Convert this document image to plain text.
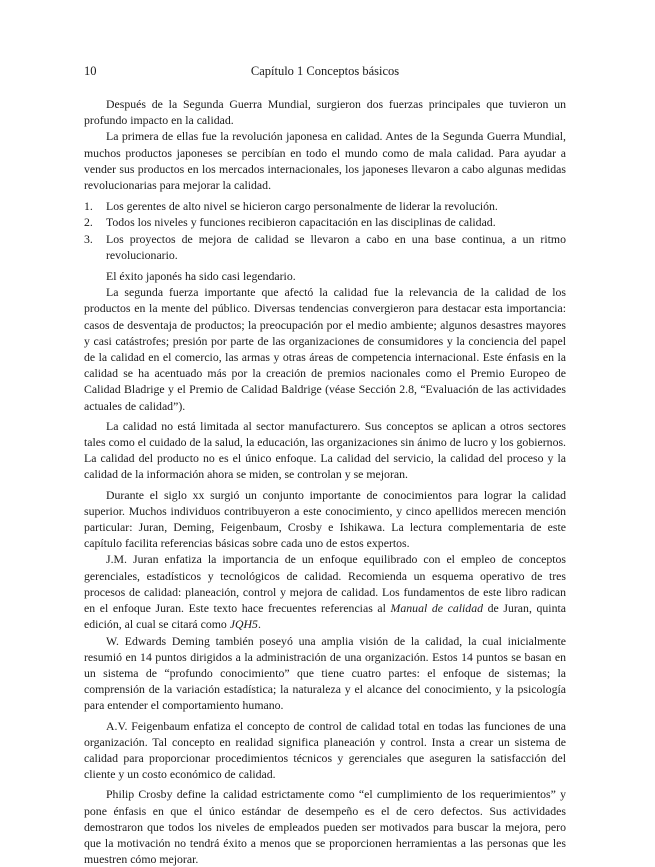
10	Capítulo 1 Conceptos básicos

Después de la Segunda Guerra Mundial, surgieron dos fuerzas principales que tuvieron un profundo impacto en la calidad.

La primera de ellas fue la revolución japonesa en calidad. Antes de la Segunda Guerra Mundial, muchos productos japoneses se percibían en todo el mundo como de mala calidad. Para ayudar a vender sus productos en los mercados internacionales, los japoneses llevaron a cabo algunas medidas revolucionarias para mejorar la calidad.

1.	Los gerentes de alto nivel se hicieron cargo personalmente de liderar la revolución.
2.	Todos los niveles y funciones recibieron capacitación en las disciplinas de calidad.
3.	Los proyectos de mejora de calidad se llevaron a cabo en una base continua, a un ritmo revolucionario.

El éxito japonés ha sido casi legendario.

La segunda fuerza importante que afectó la calidad fue la relevancia de la calidad de los productos en la mente del público. Diversas tendencias convergieron para destacar esta importancia: casos de desventaja de productos; la preocupación por el medio ambiente; algunos desastres mayores y casi catástrofes; presión por parte de las organizaciones de consumidores y la conciencia del papel de la calidad en el comercio, las armas y otras áreas de competencia internacional. Este énfasis en la calidad se ha acentuado más por la creación de premios nacionales como el Premio Europeo de Calidad Bladrige y el Premio de Calidad Baldrige (véase Sección 2.8, “Evaluación de las actividades actuales de calidad”).

La calidad no está limitada al sector manufacturero. Sus conceptos se aplican a otros sectores tales como el cuidado de la salud, la educación, las organizaciones sin ánimo de lucro y los gobiernos. La calidad del producto no es el único enfoque. La calidad del servicio, la calidad del proceso y la calidad de la información ahora se miden, se controlan y se mejoran.

Durante el siglo xx surgió un conjunto importante de conocimientos para lograr la calidad superior. Muchos individuos contribuyeron a este conocimiento, y cinco apellidos merecen mención particular: Juran, Deming, Feigenbaum, Crosby e Ishikawa. La lectura complementaria de este capítulo facilita referencias básicas sobre cada uno de estos expertos.

J.M. Juran enfatiza la importancia de un enfoque equilibrado con el empleo de conceptos gerenciales, estadísticos y tecnológicos de calidad. Recomienda un esquema operativo de tres procesos de calidad: planeación, control y mejora de calidad. Los fundamentos de este libro radican en el enfoque Juran. Este texto hace frecuentes referencias al Manual de calidad de Juran, quinta edición, al cual se citará como JQH5.

W. Edwards Deming también poseyó una amplia visión de la calidad, la cual inicialmente resumió en 14 puntos dirigidos a la administración de una organización. Estos 14 puntos se basan en un sistema de “profundo conocimiento” que tiene cuatro partes: el enfoque de sistemas; la comprensión de la variación estadística; la naturaleza y el alcance del conocimiento, y la psicología para entender el comportamiento humano.

A.V. Feigenbaum enfatiza el concepto de control de calidad total en todas las funciones de una organización. Tal concepto en realidad significa planeación y control. Insta a crear un sistema de calidad para proporcionar procedimientos técnicos y gerenciales que aseguren la satisfacción del cliente y un costo económico de calidad.

Philip Crosby define la calidad estrictamente como “el cumplimiento de los requerimientos” y pone énfasis en que el único estándar de desempeño es el de cero defectos. Sus actividades demostraron que todos los niveles de empleados pueden ser motivados para buscar la mejora, pero que la motivación no tendrá éxito a menos que se proporcionen herramientas a las personas que les muestren cómo mejorar.
